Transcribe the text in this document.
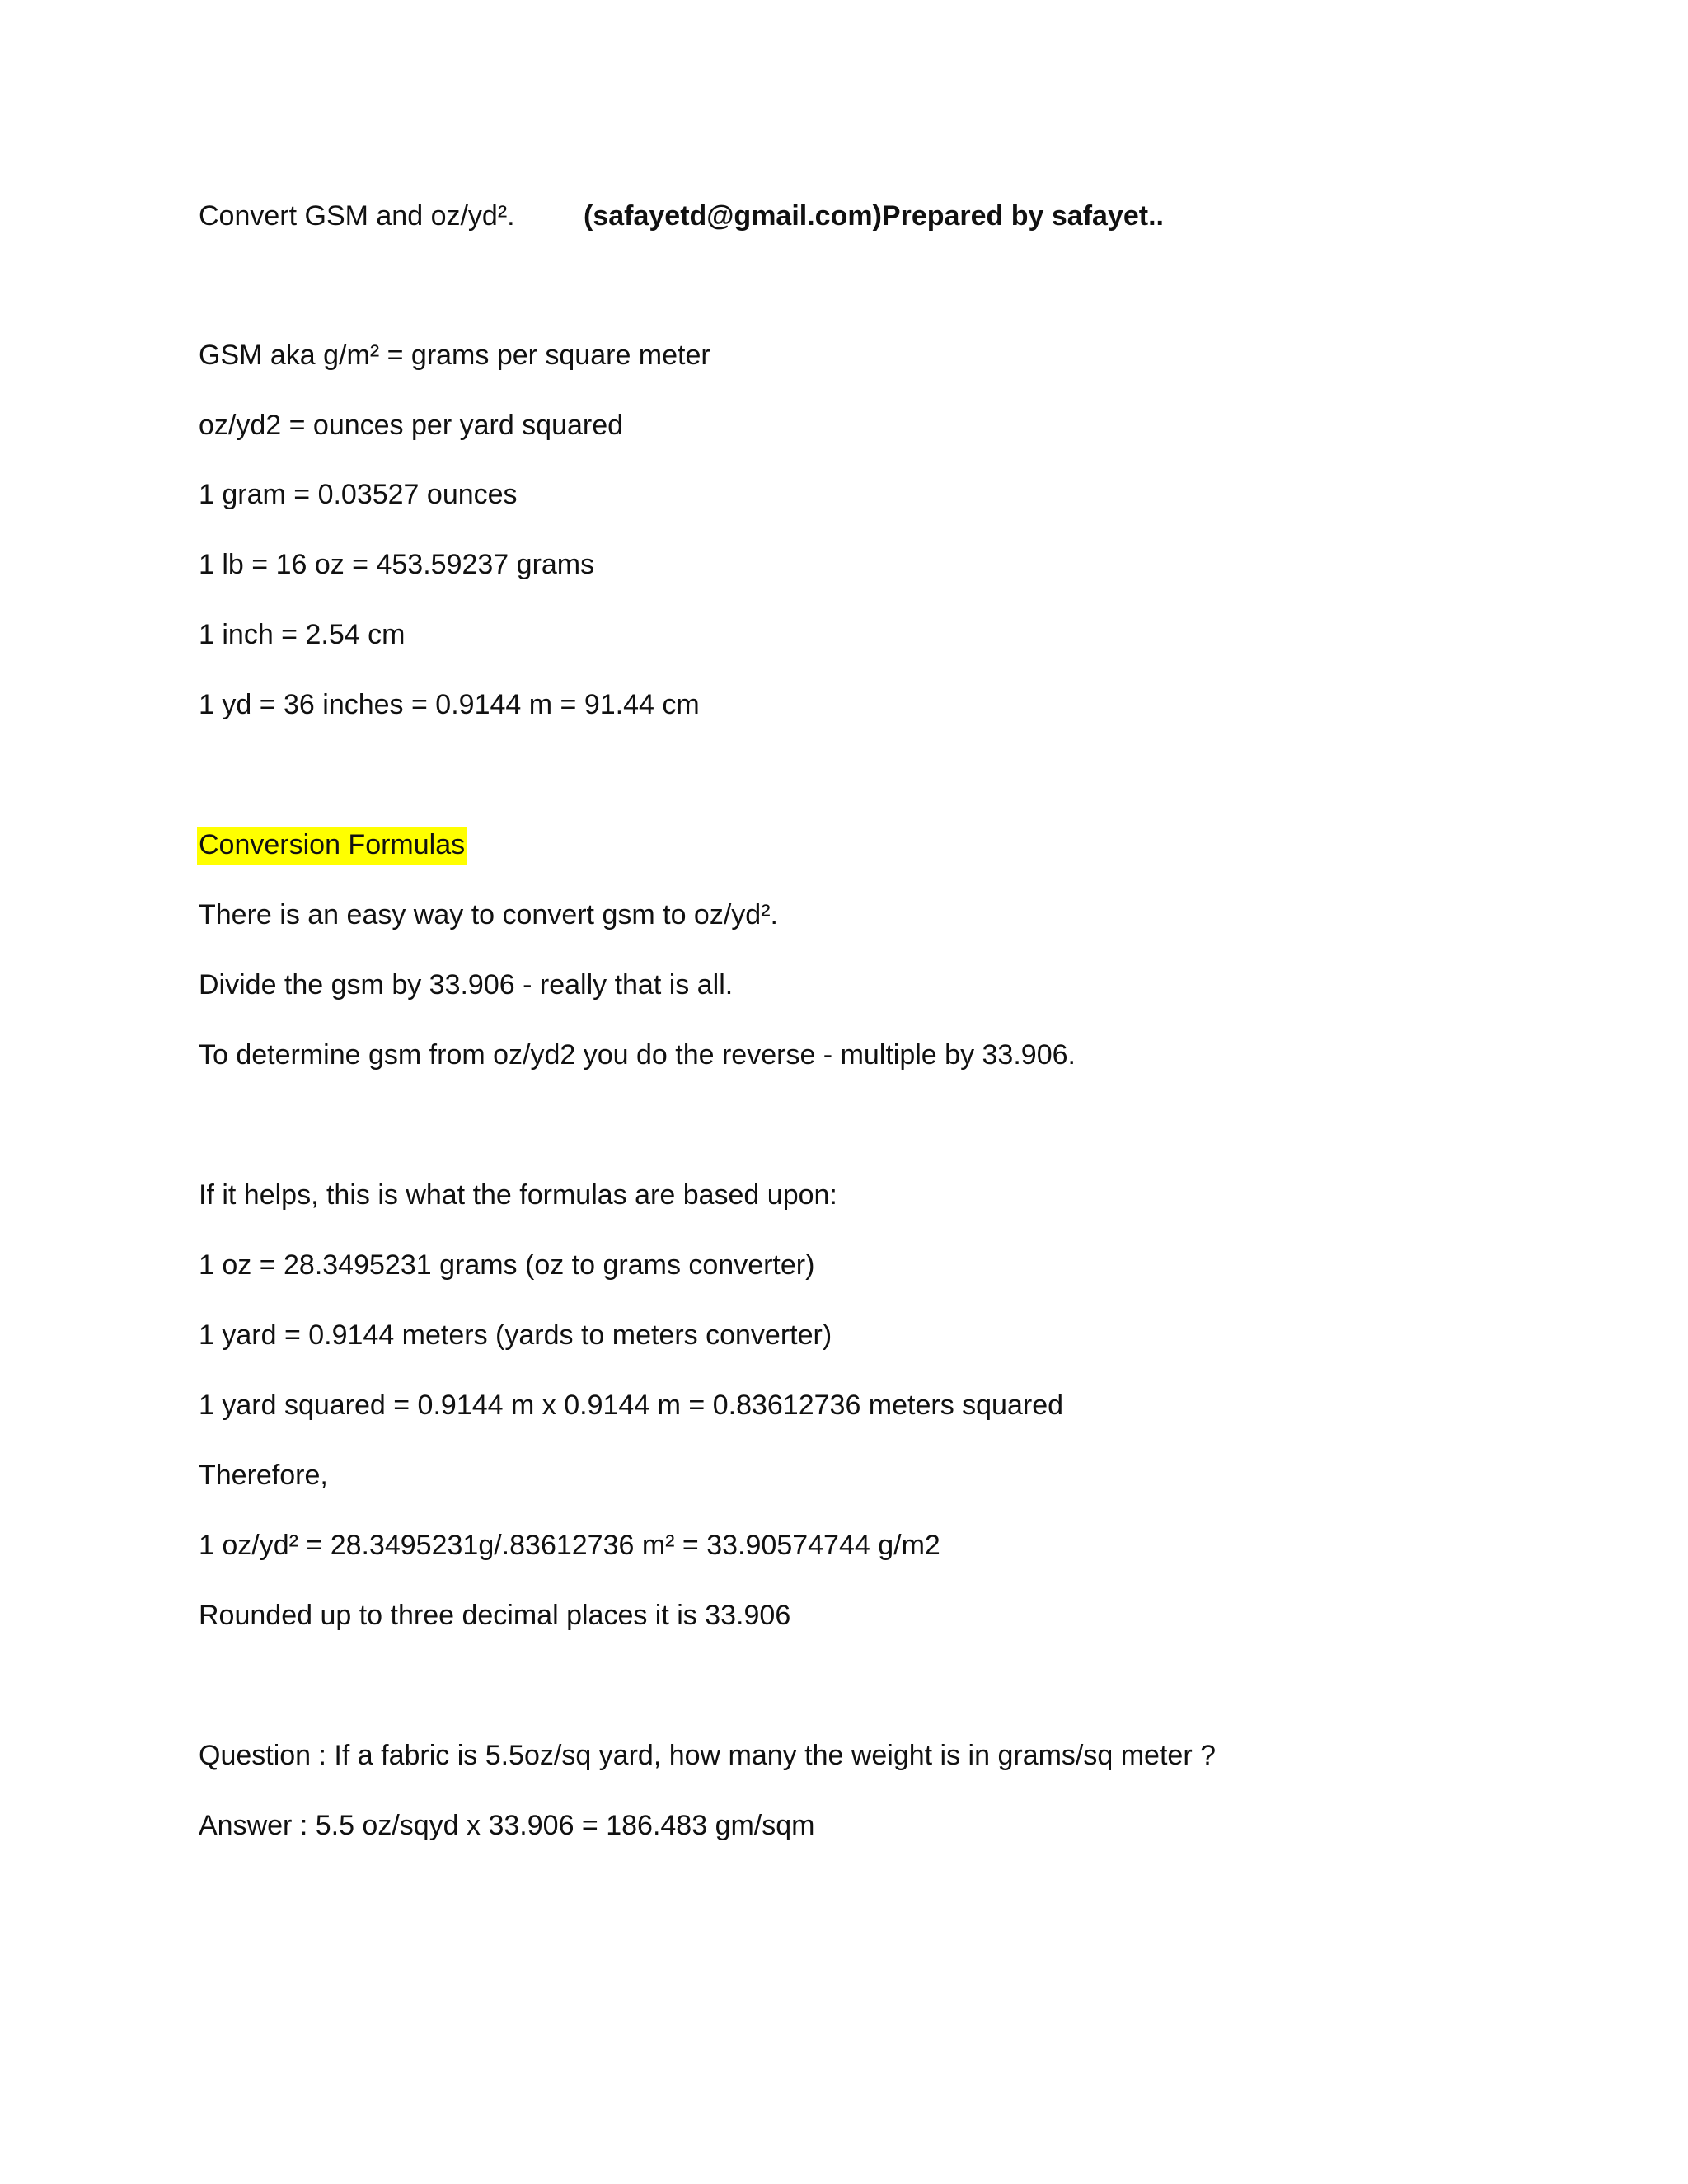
Convert GSM and oz/yd². (safayetd@gmail.com)Prepared by safayet..
GSM aka g/m² = grams per square meter
oz/yd2 = ounces per yard squared
1 gram = 0.03527 ounces
1 lb = 16 oz = 453.59237 grams
1 inch = 2.54 cm
1 yd = 36 inches = 0.9144 m = 91.44 cm
Conversion Formulas
There is an easy way to convert gsm to oz/yd².
Divide the gsm by 33.906 - really that is all.
To determine gsm from oz/yd2 you do the reverse - multiple by 33.906.
If it helps, this is what the formulas are based upon:
1 oz = 28.3495231 grams (oz to grams converter)
1 yard = 0.9144 meters (yards to meters converter)
1 yard squared = 0.9144 m x 0.9144 m = 0.83612736 meters squared
Therefore,
1 oz/yd² = 28.3495231g/.83612736 m² = 33.90574744 g/m2
Rounded up to three decimal places it is 33.906
Question : If a fabric is 5.5oz/sq yard, how many the weight is in grams/sq meter ?
Answer : 5.5 oz/sqyd x 33.906 = 186.483 gm/sqm
